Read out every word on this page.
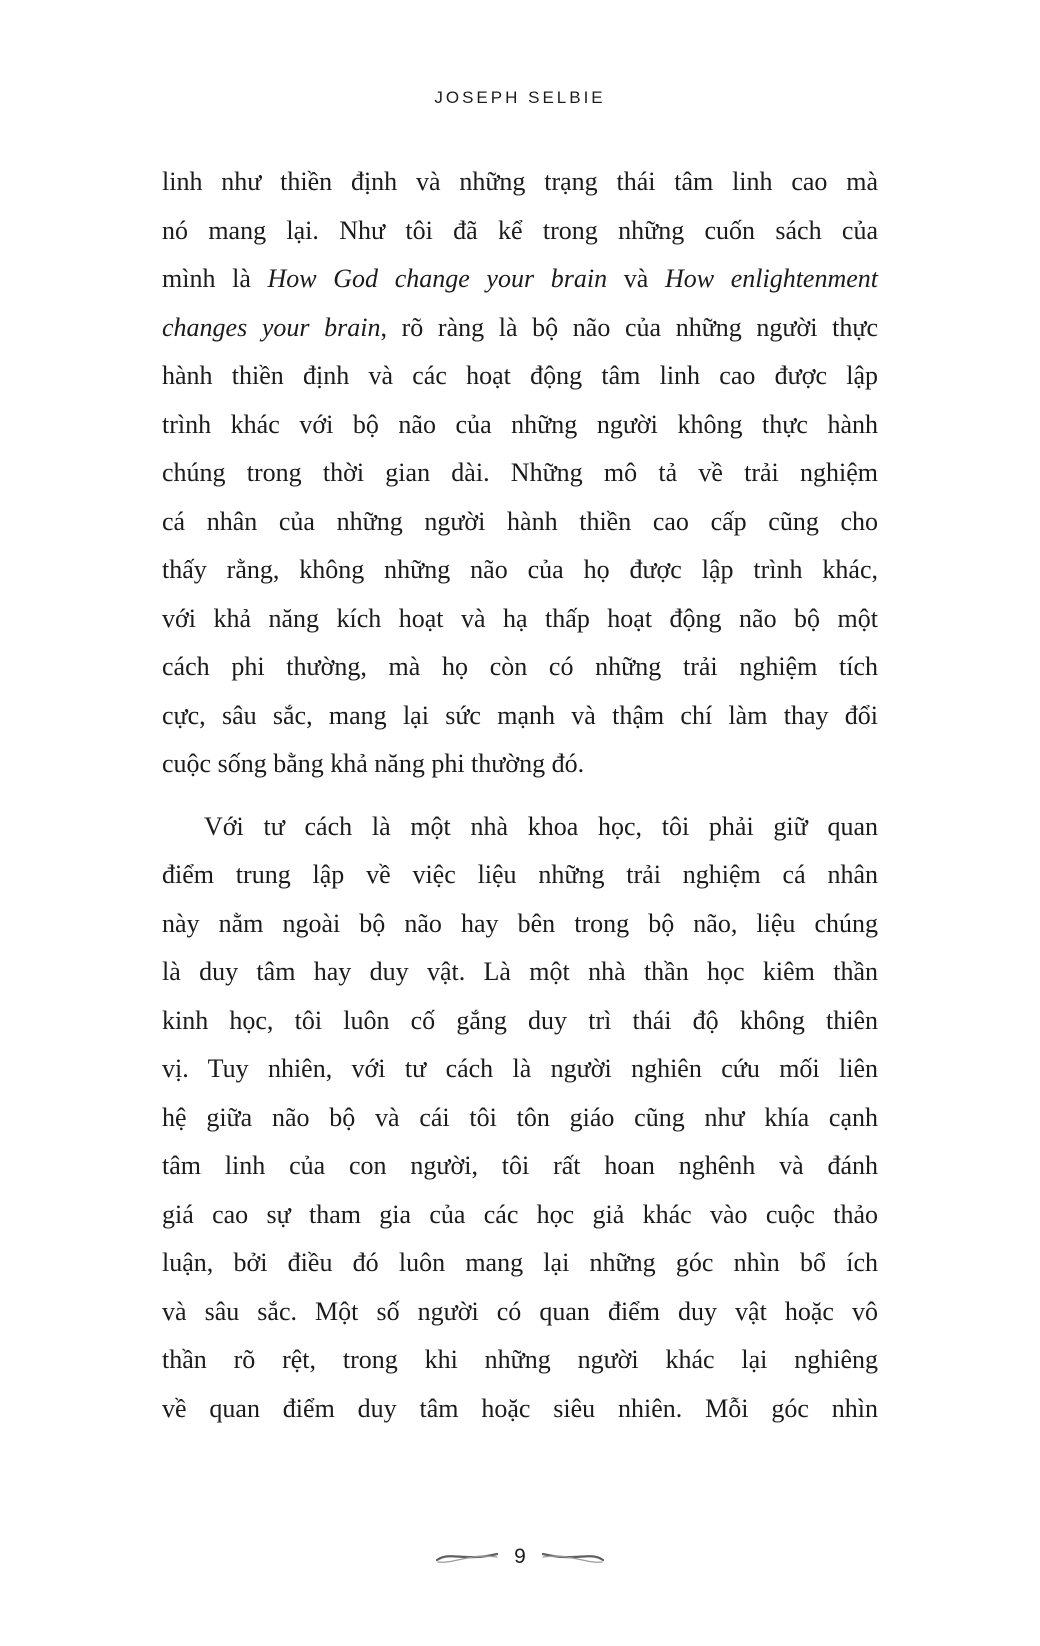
JOSEPH SELBIE
linh như thiền định và những trạng thái tâm linh cao mà
nó mang lại. Như tôi đã kể trong những cuốn sách của
mình là How God change your brain và How enlightenment
changes your brain, rõ ràng là bộ não của những người thực
hành thiền định và các hoạt động tâm linh cao được lập
trình khác với bộ não của những người không thực hành
chúng trong thời gian dài. Những mô tả về trải nghiệm
cá nhân của những người hành thiền cao cấp cũng cho
thấy rằng, không những não của họ được lập trình khác,
với khả năng kích hoạt và hạ thấp hoạt động não bộ một
cách phi thường, mà họ còn có những trải nghiệm tích
cực, sâu sắc, mang lại sức mạnh và thậm chí làm thay đổi
cuộc sống bằng khả năng phi thường đó.
Với tư cách là một nhà khoa học, tôi phải giữ quan
điểm trung lập về việc liệu những trải nghiệm cá nhân
này nằm ngoài bộ não hay bên trong bộ não, liệu chúng
là duy tâm hay duy vật. Là một nhà thần học kiêm thần
kinh học, tôi luôn cố gắng duy trì thái độ không thiên
vị. Tuy nhiên, với tư cách là người nghiên cứu mối liên
hệ giữa não bộ và cái tôi tôn giáo cũng như khía cạnh
tâm linh của con người, tôi rất hoan nghênh và đánh
giá cao sự tham gia của các học giả khác vào cuộc thảo
luận, bởi điều đó luôn mang lại những góc nhìn bổ ích
và sâu sắc. Một số người có quan điểm duy vật hoặc vô
thần rõ rệt, trong khi những người khác lại nghiêng
về quan điểm duy tâm hoặc siêu nhiên. Mỗi góc nhìn
9
